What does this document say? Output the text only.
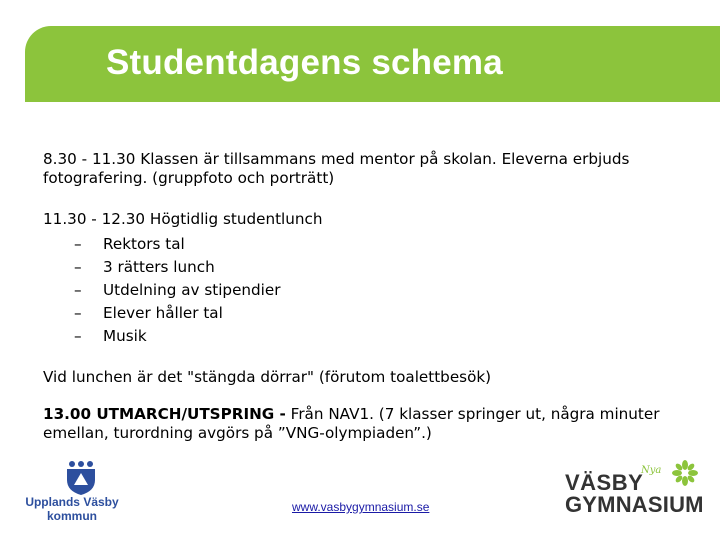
Studentdagens schema

8.30 - 11.30 Klassen är tillsammans med mentor på skolan. Eleverna erbjuds fotografering. (gruppfoto och porträtt)

11.30 - 12.30 Högtidlig studentlunch

– Rektors tal
– 3 rätters lunch
– Utdelning av stipendier
– Elever håller tal
– Musik

Vid lunchen är det "stängda dörrar" (förutom toalettbesök)

13.00 UTMARCH/UTSPRING - Från NAV1. (7 klasser springer ut, några minuter emellan, turordning avgörs på ”VNG-olympiaden”.)

Upplands Väsby kommun
www.vasbygymnasium.se
Nya
VÄSBY
GYMNASIUM
